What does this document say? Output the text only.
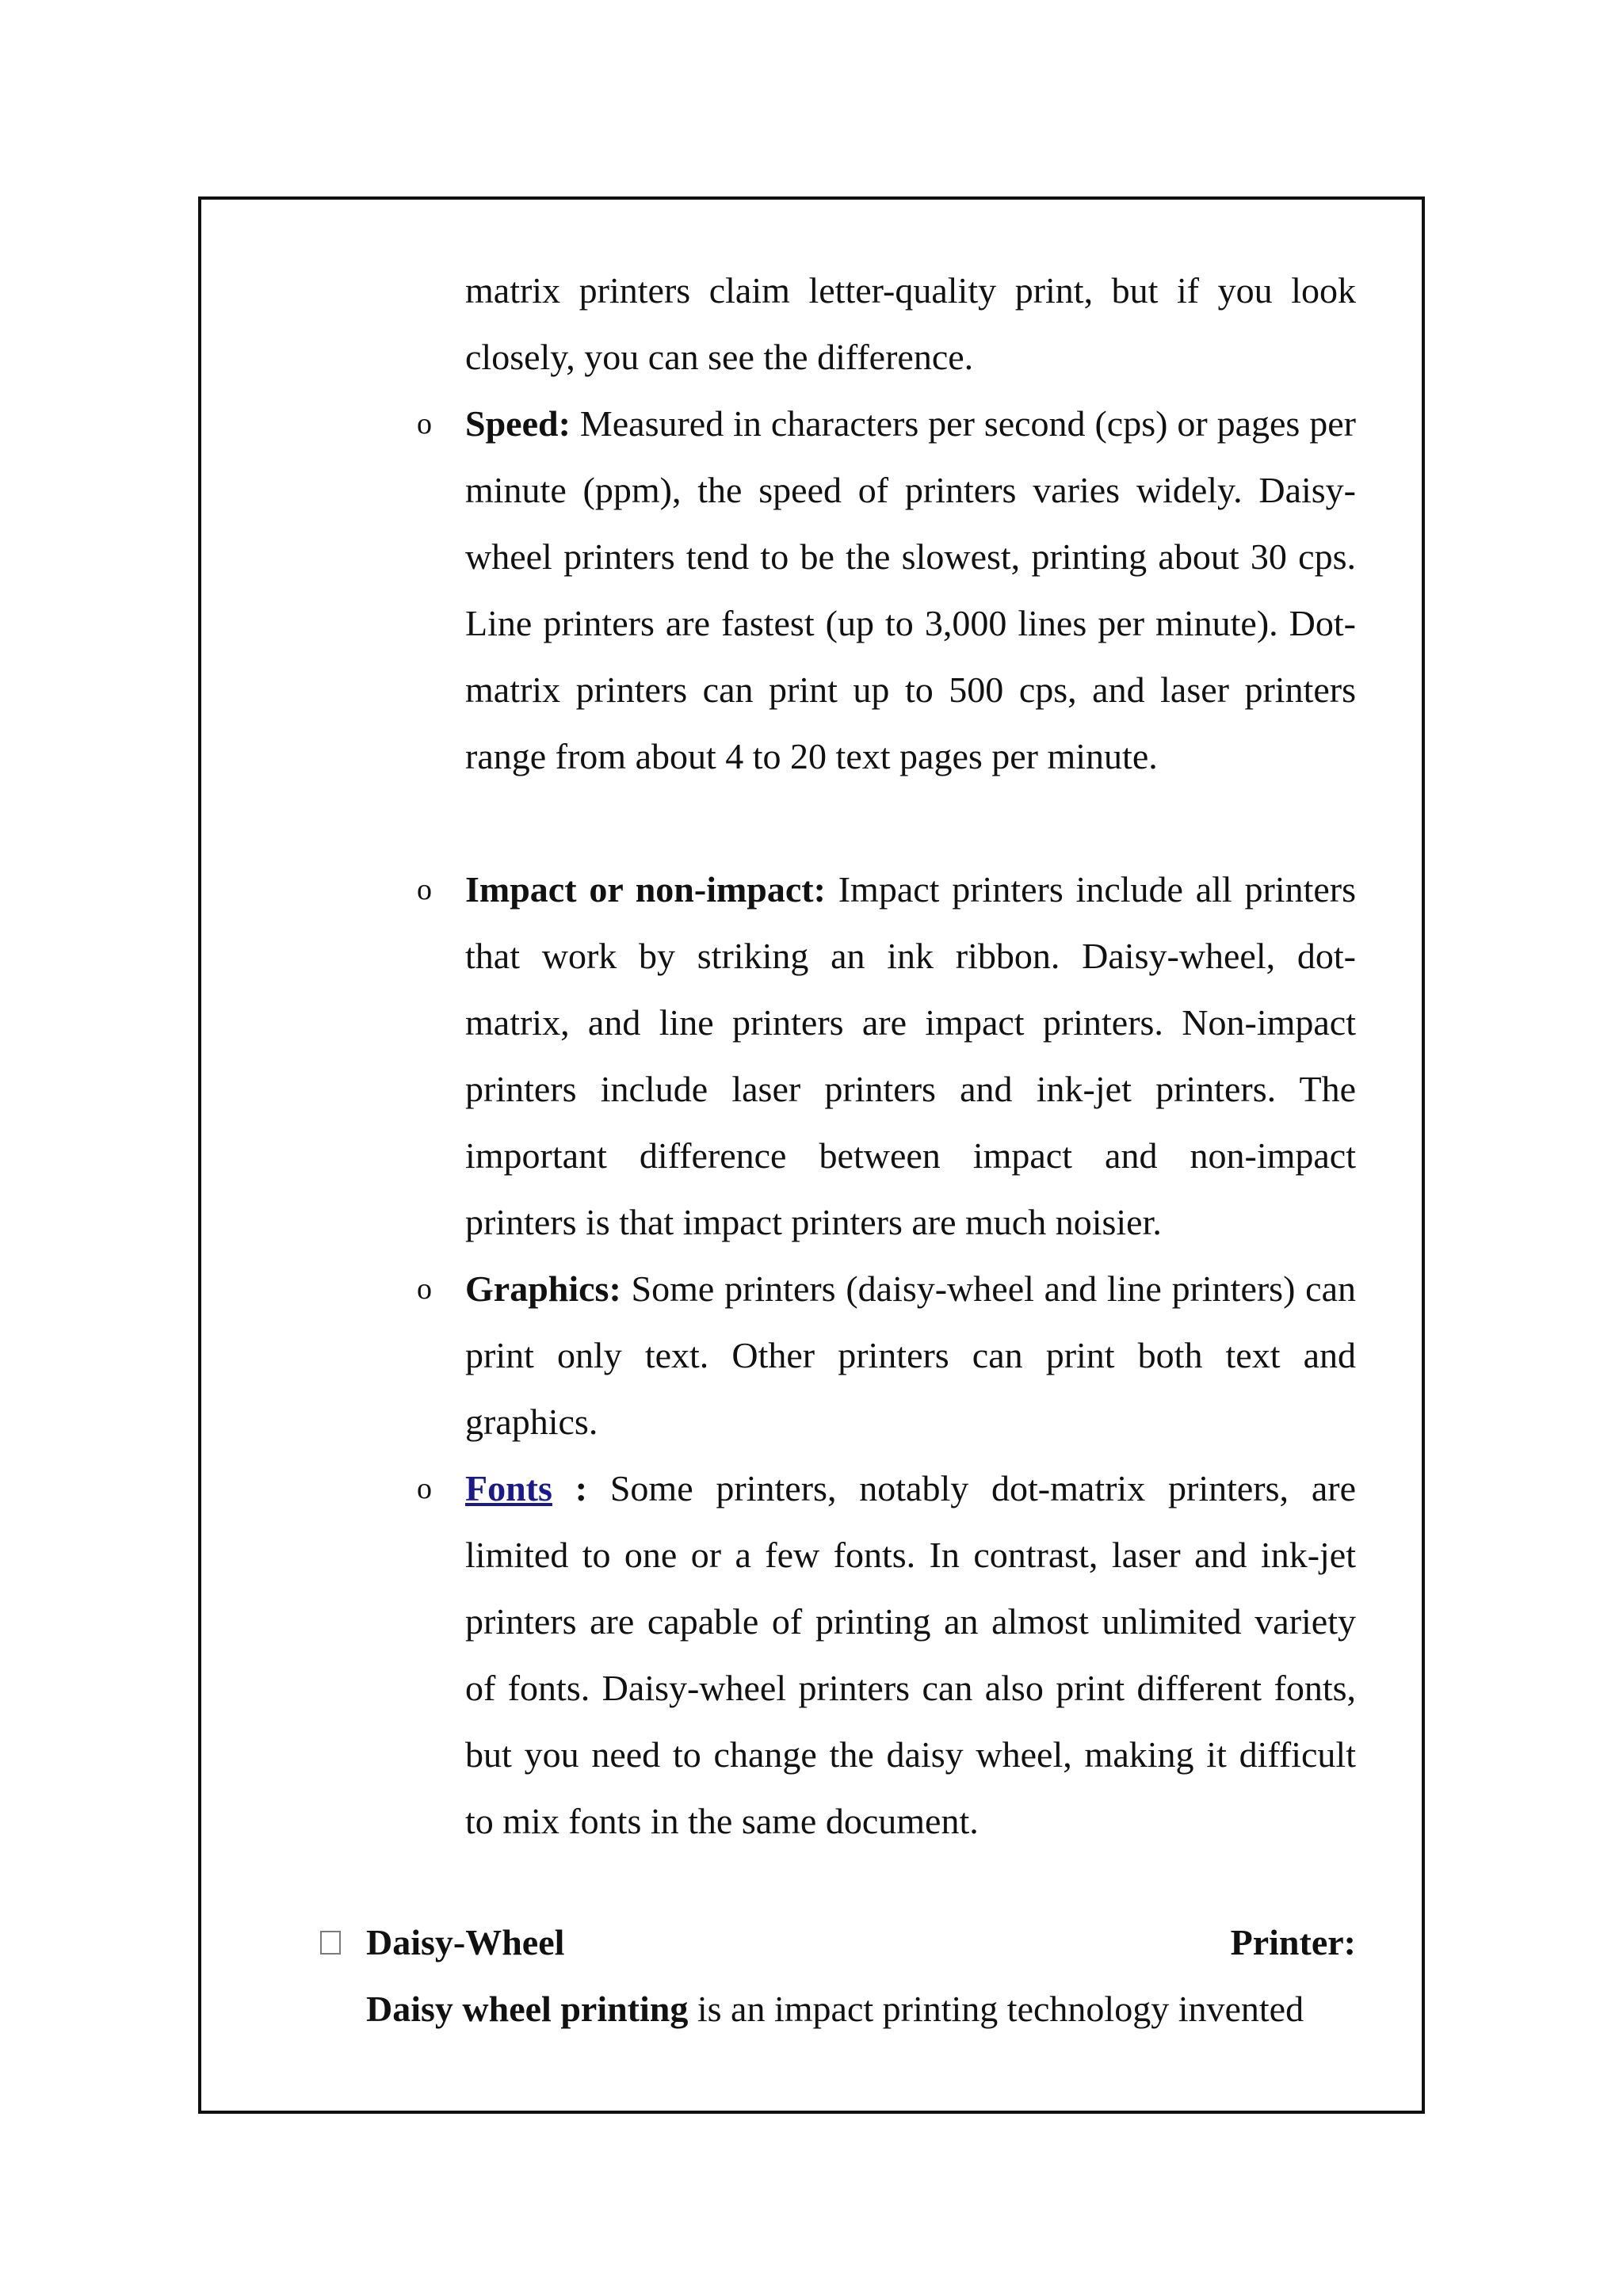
matrix printers claim letter-quality print, but if you look closely, you can see the difference.
o Speed: Measured in characters per second (cps) or pages per minute (ppm), the speed of printers varies widely. Daisy-wheel printers tend to be the slowest, printing about 30 cps. Line printers are fastest (up to 3,000 lines per minute). Dot-matrix printers can print up to 500 cps, and laser printers range from about 4 to 20 text pages per minute.
o Impact or non-impact: Impact printers include all printers that work by striking an ink ribbon. Daisy-wheel, dot-matrix, and line printers are impact printers. Non-impact printers include laser printers and ink-jet printers. The important difference between impact and non-impact printers is that impact printers are much noisier.
o Graphics: Some printers (daisy-wheel and line printers) can print only text. Other printers can print both text and graphics.
o Fonts : Some printers, notably dot-matrix printers, are limited to one or a few fonts. In contrast, laser and ink-jet printers are capable of printing an almost unlimited variety of fonts. Daisy-wheel printers can also print different fonts, but you need to change the daisy wheel, making it difficult to mix fonts in the same document.
Daisy-Wheel	Printer:
Daisy wheel printing is an impact printing technology invented
